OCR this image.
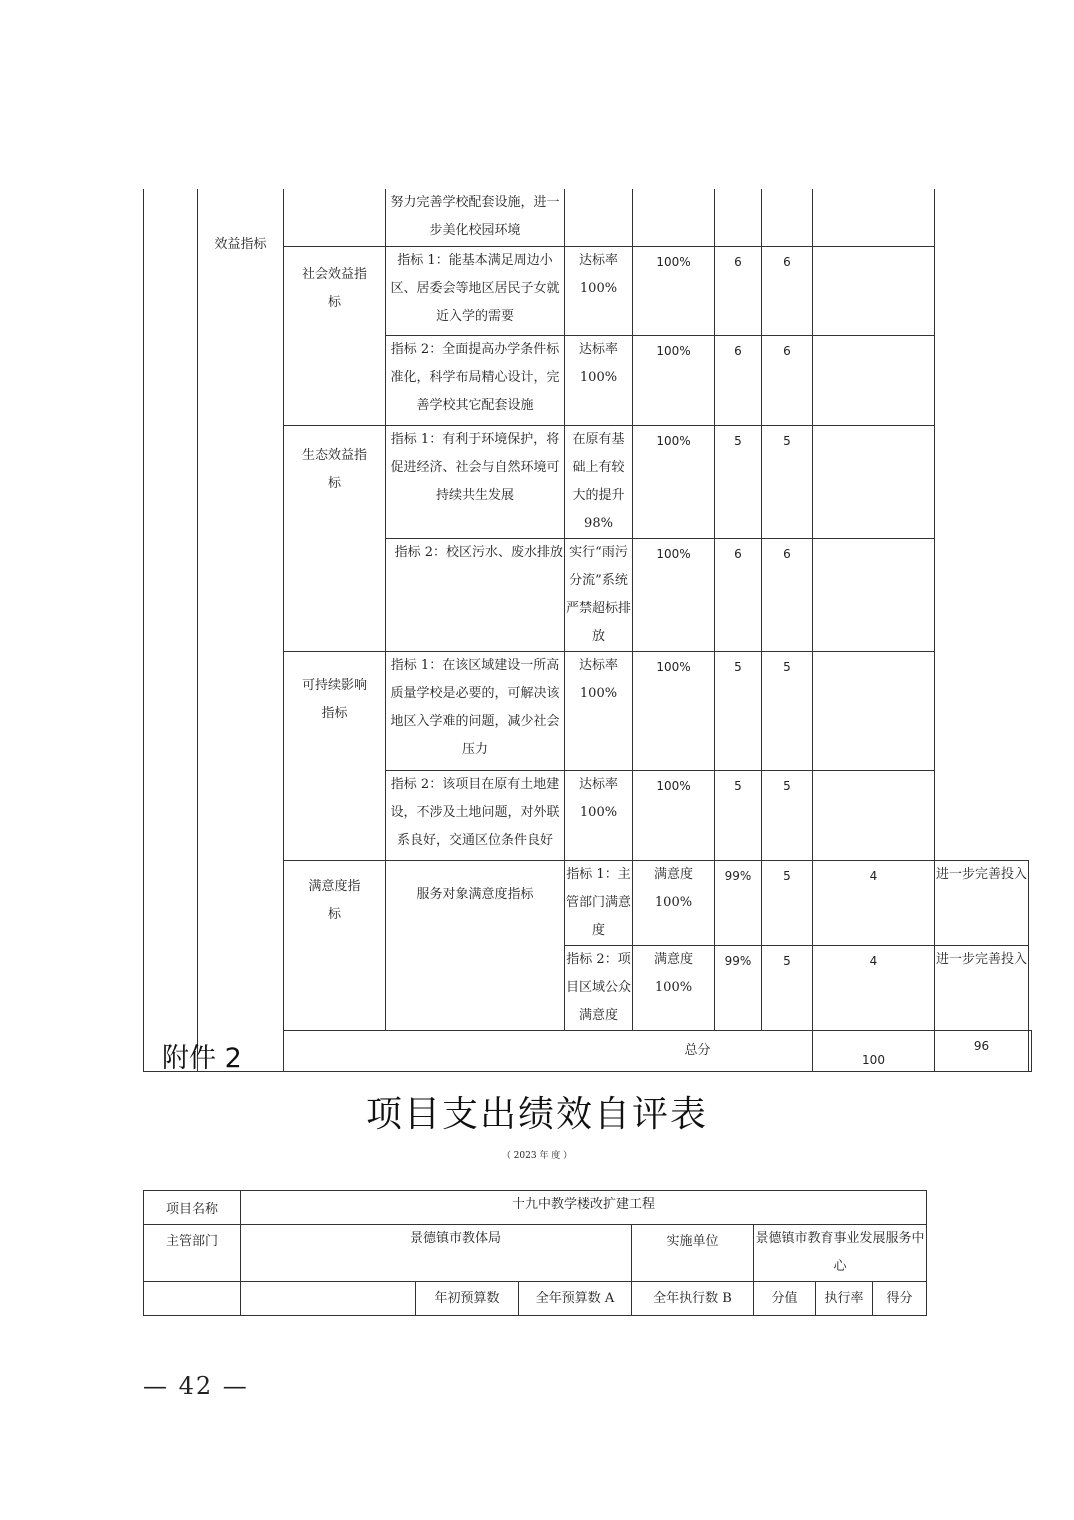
	效益指标		努力完善学校配套设施，进一步美化校园环境							
		社会效益指标	指标 1：能基本满足周边小区、居委会等地区居民子女就近入学的需要	达标率 100%	100%	6	6			
			指标 2：全面提高办学条件标准化，科学布局精心设计，完善学校其它配套设施	达标率 100%	100%	6	6			
		生态效益指标	指标 1：有利于环境保护，将促进经济、社会与自然环境可持续共生发展	在原有基础上有较大的提升 98%	100%	5	5			
			指标 2：校区污水、废水排放	实行“雨污分流”系统严禁超标排放	100%	6	6			
		可持续影响指标	指标 1：在该区域建设一所高质量学校是必要的，可解决该地区入学难的问题，减少社会压力	达标率 100%	100%	5	5			
			指标 2：该项目在原有土地建设，不涉及土地问题，对外联系良好，交通区位条件良好	达标率 100%	100%	5	5			
		满意度指标	服务对象满意度指标	指标 1：主管部门满意度	满意度 100%	99%	5	4	进一步完善投入	
				指标 2：项目区域公众满意度	满意度 100%	99%	5	4	进一步完善投入	
		总分						100	96	
附件 2
项目支出绩效自评表
（ 2023 年 度 ）
项目名称	十九中教学楼改扩建工程						
主管部门	景德镇市教体局			实施单位	景德镇市教育事业发展服务中心		
		年初预算数	全年预算数 A	全年执行数 B	分值	执行率	得分
— 42 —
